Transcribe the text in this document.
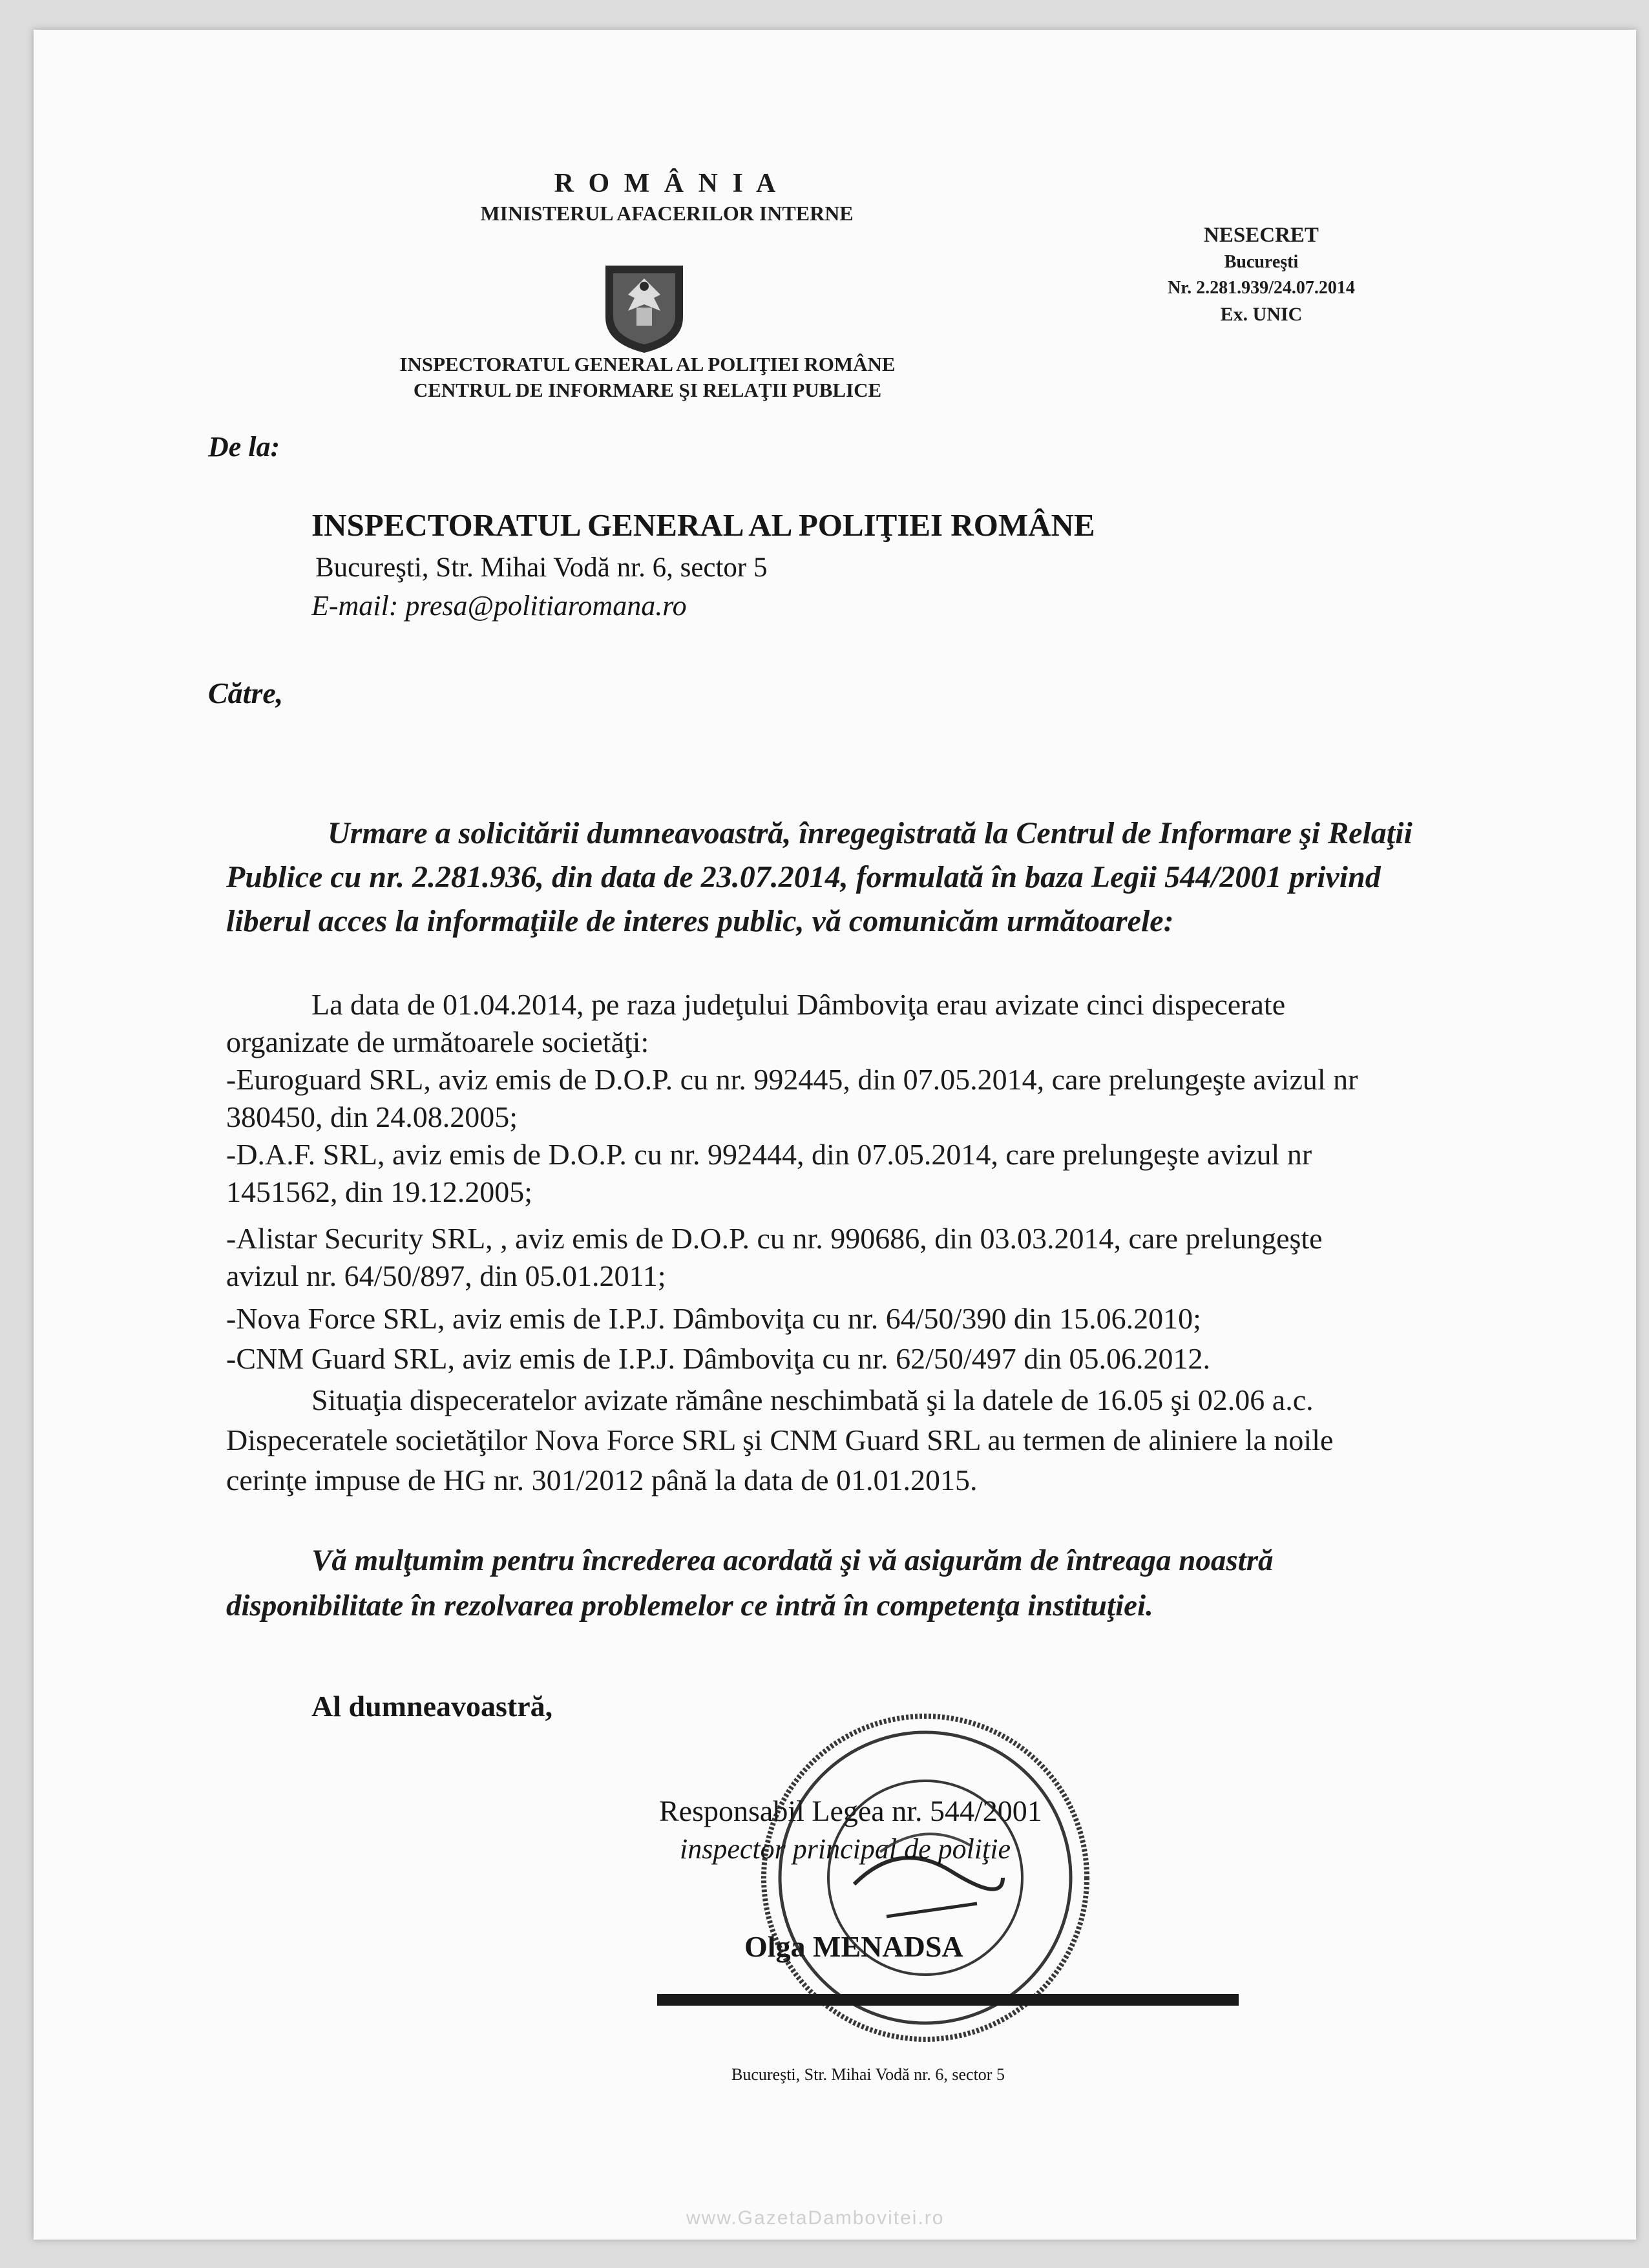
R O M Â N I A
MINISTERUL AFACERILOR INTERNE
INSPECTORATUL GENERAL AL POLIŢIEI ROMÂNE
CENTRUL DE INFORMARE ŞI RELAŢII PUBLICE
NESECRET
Bucureşti
Nr. 2.281.939/24.07.2014
Ex. UNIC
De la:
INSPECTORATUL GENERAL AL POLIŢIEI ROMÂNE
Bucureşti, Str. Mihai Vodă nr. 6, sector 5
E-mail: presa@politiaromana.ro
Către,
Urmare a solicitării dumneavoastră, înregegistrată la Centrul de Informare şi Relaţii
Publice cu nr. 2.281.936, din data de 23.07.2014, formulată în baza Legii 544/2001 privind
liberul acces la informaţiile de interes public, vă comunicăm următoarele:
La data de 01.04.2014, pe raza judeţului Dâmboviţa erau avizate cinci dispecerate
organizate de următoarele societăţi:
-Euroguard SRL, aviz emis de D.O.P. cu nr. 992445, din 07.05.2014, care prelungeşte avizul nr
380450, din 24.08.2005;
-D.A.F. SRL, aviz emis de D.O.P. cu nr. 992444, din 07.05.2014, care prelungeşte avizul nr
1451562, din 19.12.2005;
-Alistar Security SRL, , aviz emis de D.O.P. cu nr. 990686, din 03.03.2014, care prelungeşte
avizul nr. 64/50/897, din 05.01.2011;
-Nova Force SRL, aviz emis de I.P.J. Dâmboviţa cu nr. 64/50/390 din 15.06.2010;
-CNM Guard SRL, aviz emis de I.P.J. Dâmboviţa cu nr. 62/50/497 din 05.06.2012.
Situaţia dispeceratelor avizate rămâne neschimbată şi la datele de 16.05 şi 02.06 a.c.
Dispeceratele societăţilor Nova Force SRL şi CNM Guard SRL au termen de aliniere la noile
cerinţe impuse de HG nr. 301/2012 până la data de 01.01.2015.
Vă mulţumim pentru încrederea acordată şi vă asigurăm de întreaga noastră
disponibilitate în rezolvarea problemelor ce intră în competenţa instituţiei.
Al dumneavoastră,
Responsabil Legea nr. 544/2001
inspector principal de poliţie
Olga MENADSA
Bucureşti, Str. Mihai Vodă nr. 6, sector 5
www.GazetaDambovitei.ro
